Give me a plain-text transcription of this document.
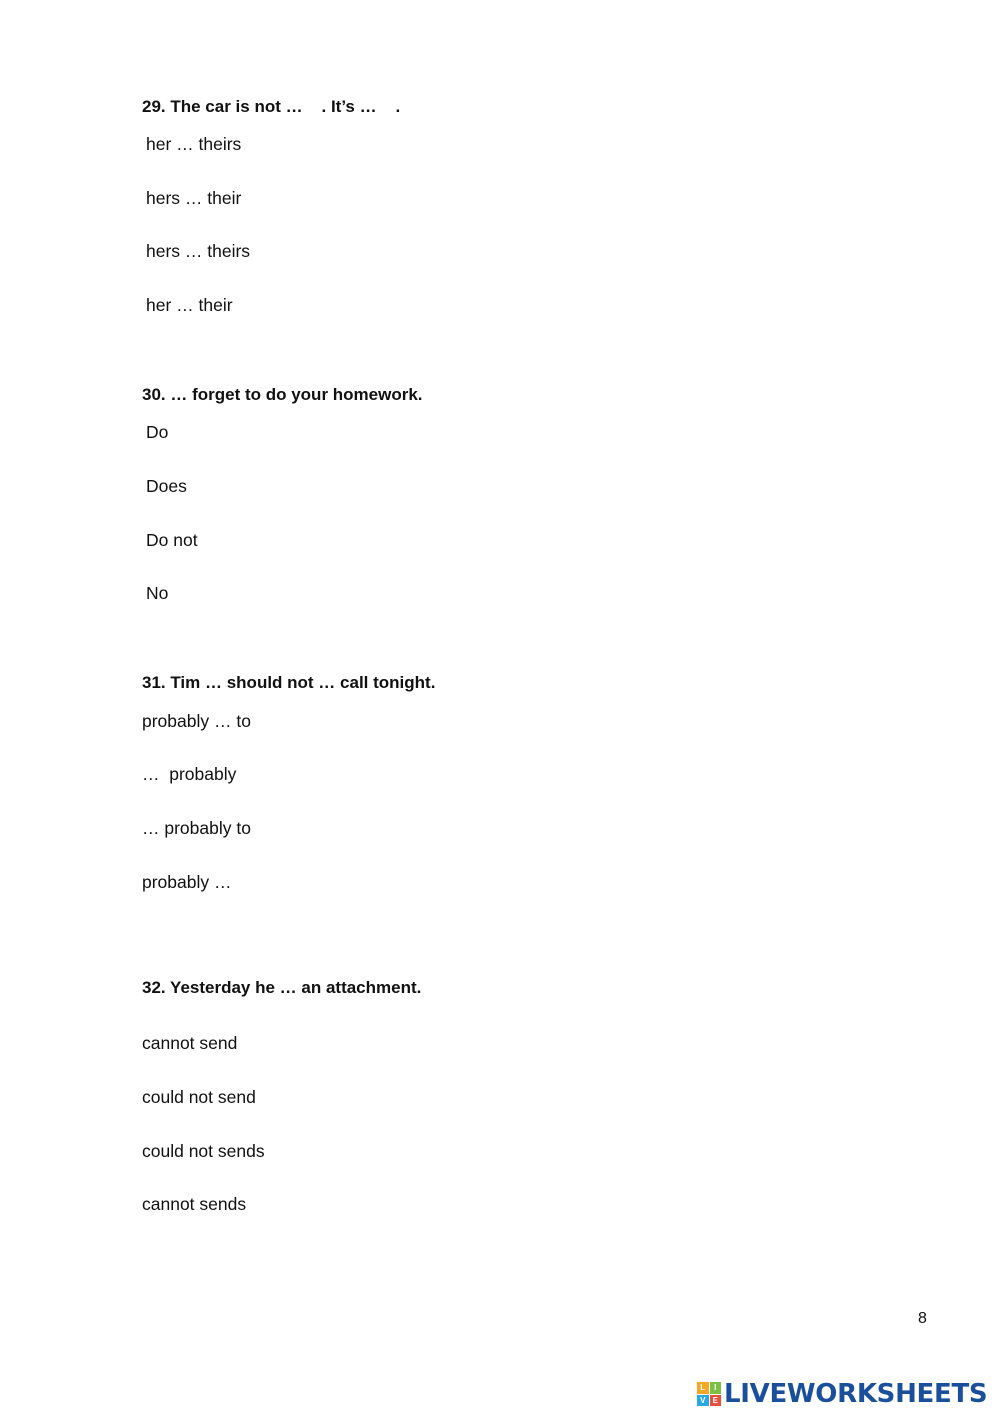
29. The car is not …    . It’s …    .
her … theirs
hers … their
hers … theirs
her … their
30. … forget to do your homework.
Do
Does
Do not
No
31. Tim … should not … call tonight.
probably … to
…  probably
… probably to
probably …
32. Yesterday he … an attachment.
cannot send
could not send
could not sends
cannot sends
8
L	I
V E LIVEWORKSHEETS
